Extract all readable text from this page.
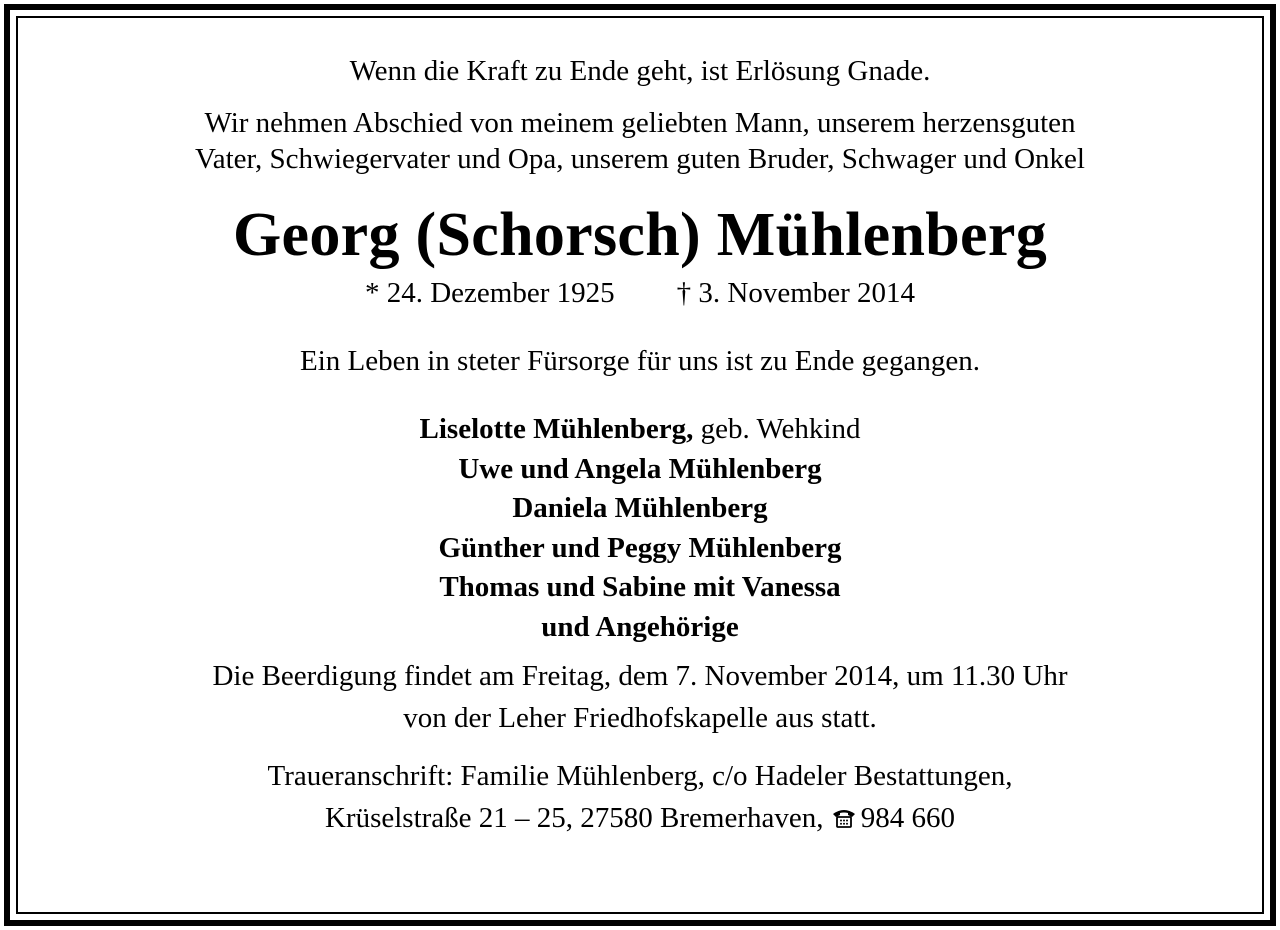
Wenn die Kraft zu Ende geht, ist Erlösung Gnade.
Wir nehmen Abschied von meinem geliebten Mann, unserem herzensguten
Vater, Schwiegervater und Opa, unserem guten Bruder, Schwager und Onkel
Georg (Schorsch) Mühlenberg
* 24. Dezember 1925 † 3. November 2014
Ein Leben in steter Fürsorge für uns ist zu Ende gegangen.
Liselotte Mühlenberg, geb. Wehkind
Uwe und Angela Mühlenberg
Daniela Mühlenberg
Günther und Peggy Mühlenberg
Thomas und Sabine mit Vanessa
und Angehörige
Die Beerdigung findet am Freitag, dem 7. November 2014, um 11.30 Uhr
von der Leher Friedhofskapelle aus statt.
Traueranschrift: Familie Mühlenberg, c/o Hadeler Bestattungen,
Krüselstraße 21 – 25, 27580 Bremerhaven, 984 660
